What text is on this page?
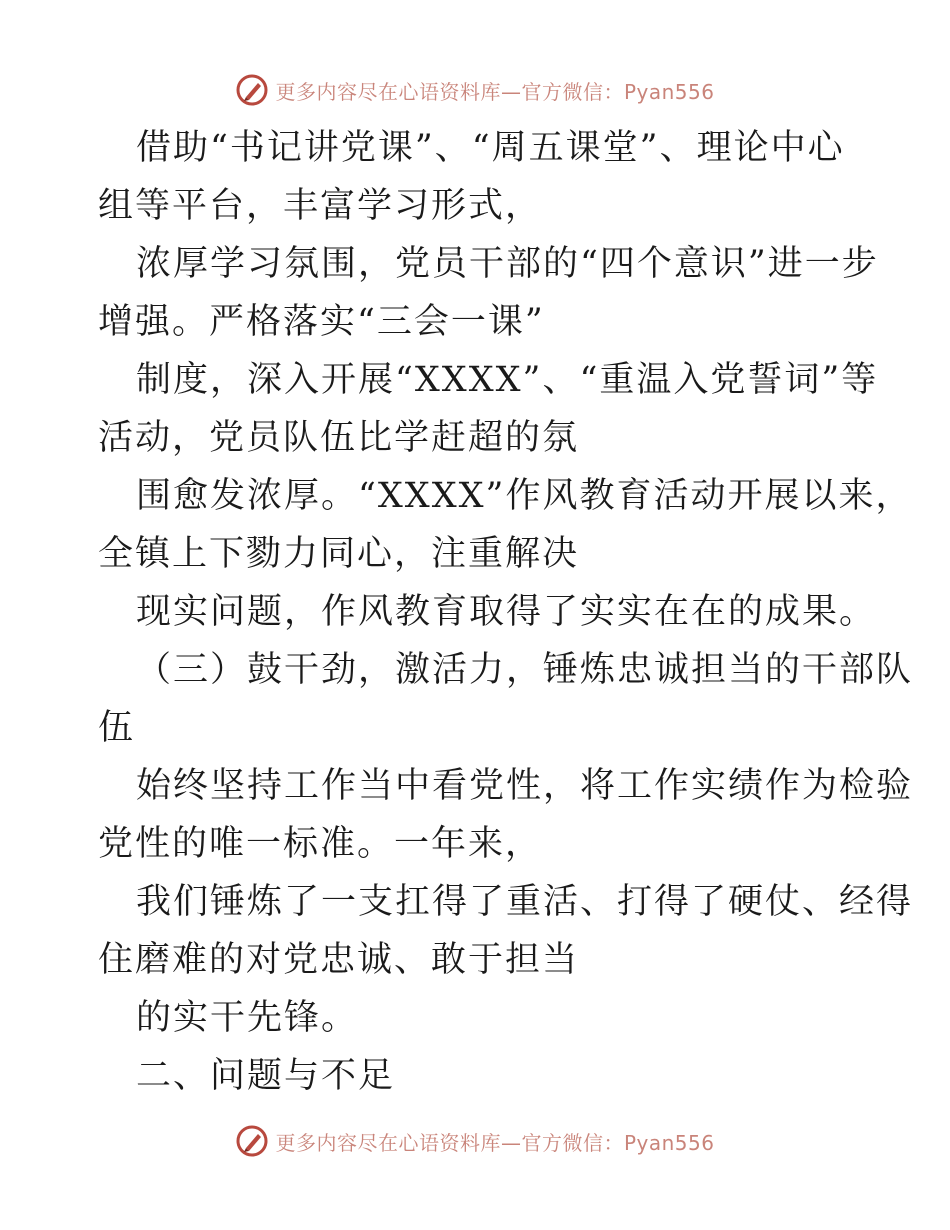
更多内容尽在心语资料库—官方微信：Pyan556
借助“书记讲党课”、“周五课堂”、理论中心
组等平台，丰富学习形式，
浓厚学习氛围，党员干部的“四个意识”进一步
增强。严格落实“三会一课”
制度，深入开展“XXXX”、“重温入党誓词”等
活动，党员队伍比学赶超的氛
围愈发浓厚。“XXXX”作风教育活动开展以来，
全镇上下勠力同心，注重解决
现实问题，作风教育取得了实实在在的成果。
（三）鼓干劲，激活力，锤炼忠诚担当的干部队
伍
始终坚持工作当中看党性，将工作实绩作为检验
党性的唯一标准。一年来，
我们锤炼了一支扛得了重活、打得了硬仗、经得
住磨难的对党忠诚、敢于担当
的实干先锋。
二、问题与不足
更多内容尽在心语资料库—官方微信：Pyan556
